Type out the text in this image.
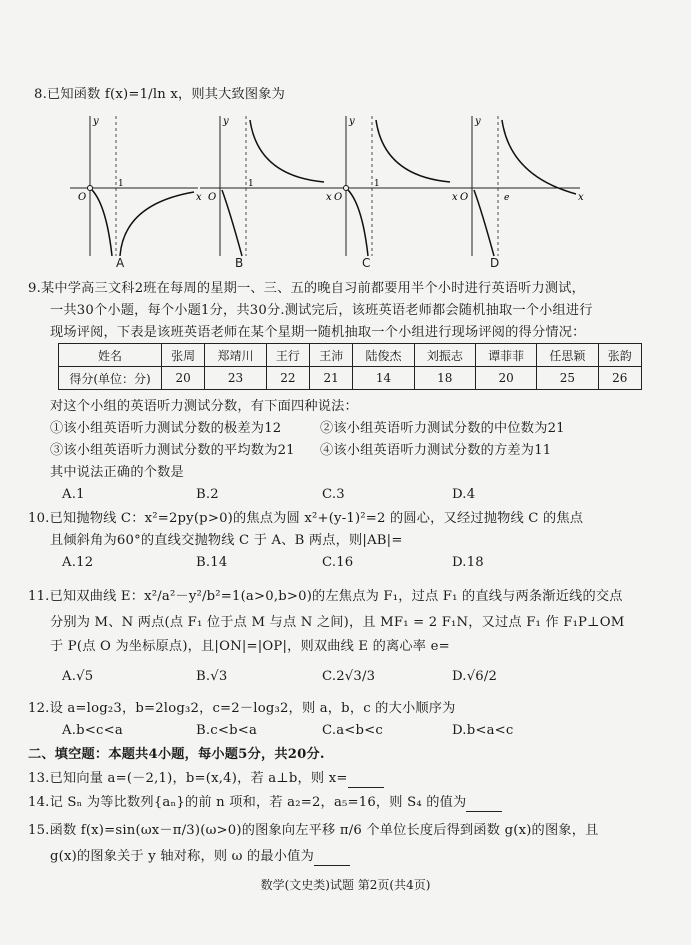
8.已知函数 f(x)=1/ln x，则其大致图象为
y
x
O
1
A
y
x
O
1
B
y
x
O
1
C
y
x
O	e
D
9.某中学高三文科2班在每周的星期一、三、五的晚自习前都要用半个小时进行英语听力测试，
一共30个小题，每个小题1分，共30分.测试完后，该班英语老师都会随机抽取一个小组进行
现场评阅，下表是该班英语老师在某个星期一随机抽取一个小组进行现场评阅的得分情况：
姓名	张周	郑靖川	王行	王沛	陆俊杰	刘振志	谭菲菲	任思颖	张韵
得分(单位：分)	20	23	22	21	14	18	20	25	26
对这个小组的英语听力测试分数，有下面四种说法：
①该小组英语听力测试分数的极差为12	②该小组英语听力测试分数的中位数为21
③该小组英语听力测试分数的平均数为21 ④该小组英语听力测试分数的方差为11
其中说法正确的个数是
A.1	B.2	C.3	D.4
10.已知抛物线 C：x²=2py(p>0)的焦点为圆 x²+(y-1)²=2 的圆心，又经过抛物线 C 的焦点
且倾斜角为60°的直线交抛物线 C 于 A、B 两点，则|AB|=
A.12	B.14	C.16	D.18
11.已知双曲线 E：x²/a²－y²/b²=1(a>0,b>0)的左焦点为 F₁，过点 F₁ 的直线与两条渐近线的交点
分别为 M、N 两点(点 F₁ 位于点 M 与点 N 之间)，且 MF₁ = 2 F₁N，又过点 F₁ 作 F₁P⊥OM
于 P(点 O 为坐标原点)，且|ON|=|OP|，则双曲线 E 的离心率 e=
A.√5	B.√3	C.2√3/3	D.√6/2
12.设 a=log₂3，b=2log₃2，c=2－log₃2，则 a，b，c 的大小顺序为
A.b<c<a	B.c<b<a	C.a<b<c	D.b<a<c
二、填空题：本题共4小题，每小题5分，共20分.
13.已知向量 a=(－2,1)，b=(x,4)，若 a⊥b，则 x=
14.记 Sₙ 为等比数列{aₙ}的前 n 项和，若 a₂=2，a₅=16，则 S₄ 的值为
15.函数 f(x)=sin(ωx－π/3)(ω>0)的图象向左平移 π/6 个单位长度后得到函数 g(x)的图象，且
g(x)的图象关于 y 轴对称，则 ω 的最小值为
数学(文史类)试题 第2页(共4页)
